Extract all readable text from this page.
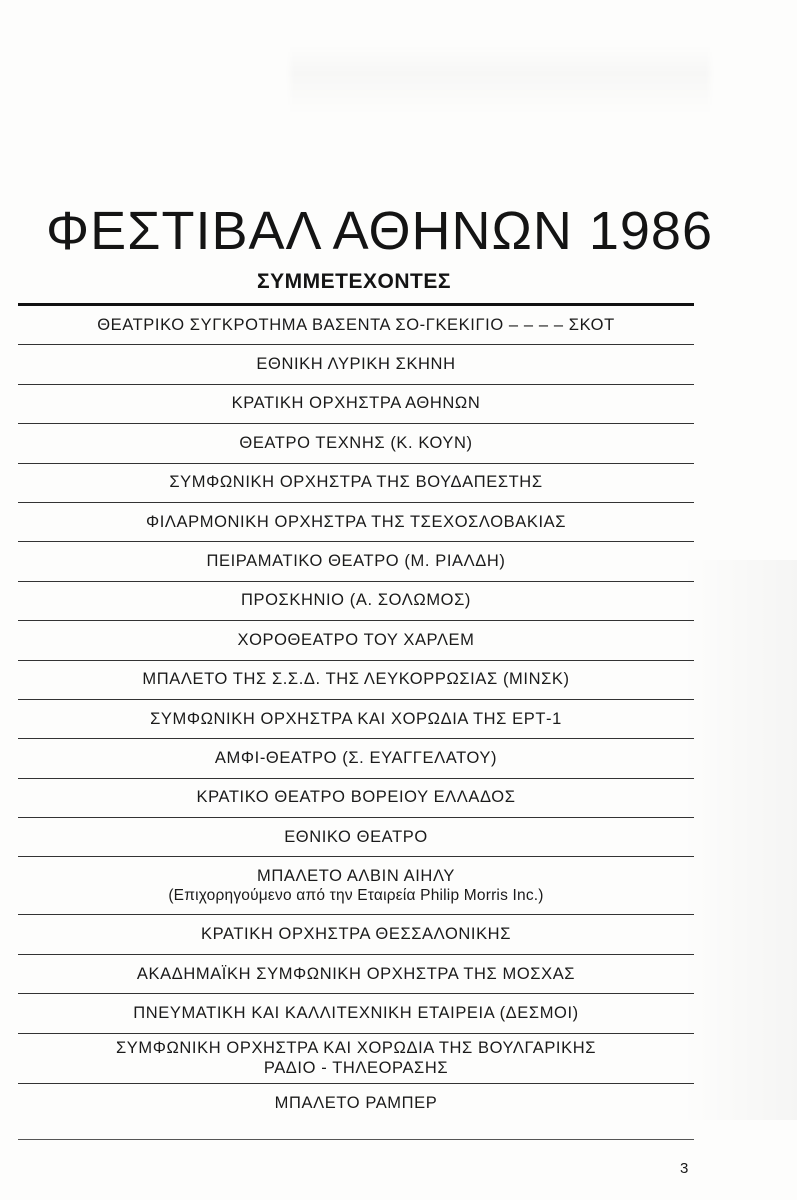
ΦΕΣΤΙΒΑΛ ΑΘΗΝΩΝ 1986
ΣΥΜΜΕΤΕΧΟΝΤΕΣ
ΘΕΑΤΡΙΚΟ ΣΥΓΚΡΟΤΗΜΑ ΒΑΣΕΝΤΑ ΣΟ-ΓΚΕΚΙΓΙΟ – – – – ΣΚΟΤ
ΕΘΝΙΚΗ ΛΥΡΙΚΗ ΣΚΗΝΗ
ΚΡΑΤΙΚΗ ΟΡΧΗΣΤΡΑ ΑΘΗΝΩΝ
ΘΕΑΤΡΟ ΤΕΧΝΗΣ (Κ. ΚΟΥΝ)
ΣΥΜΦΩΝΙΚΗ ΟΡΧΗΣΤΡΑ ΤΗΣ ΒΟΥΔΑΠΕΣΤΗΣ
ΦΙΛΑΡΜΟΝΙΚΗ ΟΡΧΗΣΤΡΑ ΤΗΣ ΤΣΕΧΟΣΛΟΒΑΚΙΑΣ
ΠΕΙΡΑΜΑΤΙΚΟ ΘΕΑΤΡΟ (Μ. ΡΙΑΛΔΗ)
ΠΡΟΣΚΗΝΙΟ (Α. ΣΟΛΩΜΟΣ)
ΧΟΡΟΘΕΑΤΡΟ ΤΟΥ ΧΑΡΛΕΜ
ΜΠΑΛΕΤΟ ΤΗΣ Σ.Σ.Δ. ΤΗΣ ΛΕΥΚΟΡΡΩΣΙΑΣ (ΜΙΝΣΚ)
ΣΥΜΦΩΝΙΚΗ ΟΡΧΗΣΤΡΑ ΚΑΙ ΧΟΡΩΔΙΑ ΤΗΣ ΕΡΤ-1
ΑΜΦΙ-ΘΕΑΤΡΟ (Σ. ΕΥΑΓΓΕΛΑΤΟΥ)
ΚΡΑΤΙΚΟ ΘΕΑΤΡΟ ΒΟΡΕΙΟΥ ΕΛΛΑΔΟΣ
ΕΘΝΙΚΟ ΘΕΑΤΡΟ
ΜΠΑΛΕΤΟ ΑΛΒΙΝ ΑΙΗΛΥ
(Επιχορηγούμενο από την Εταιρεία Philip Morris Inc.)
ΚΡΑΤΙΚΗ ΟΡΧΗΣΤΡΑ ΘΕΣΣΑΛΟΝΙΚΗΣ
ΑΚΑΔΗΜΑΪΚΗ ΣΥΜΦΩΝΙΚΗ ΟΡΧΗΣΤΡΑ ΤΗΣ ΜΟΣΧΑΣ
ΠΝΕΥΜΑΤΙΚΗ ΚΑΙ ΚΑΛΛΙΤΕΧΝΙΚΗ ΕΤΑΙΡΕΙΑ (ΔΕΣΜΟΙ)
ΣΥΜΦΩΝΙΚΗ ΟΡΧΗΣΤΡΑ ΚΑΙ ΧΟΡΩΔΙΑ ΤΗΣ ΒΟΥΛΓΑΡΙΚΗΣ
ΡΑΔΙΟ - ΤΗΛΕΟΡΑΣΗΣ
ΜΠΑΛΕΤΟ ΡΑΜΠΕΡ
3
